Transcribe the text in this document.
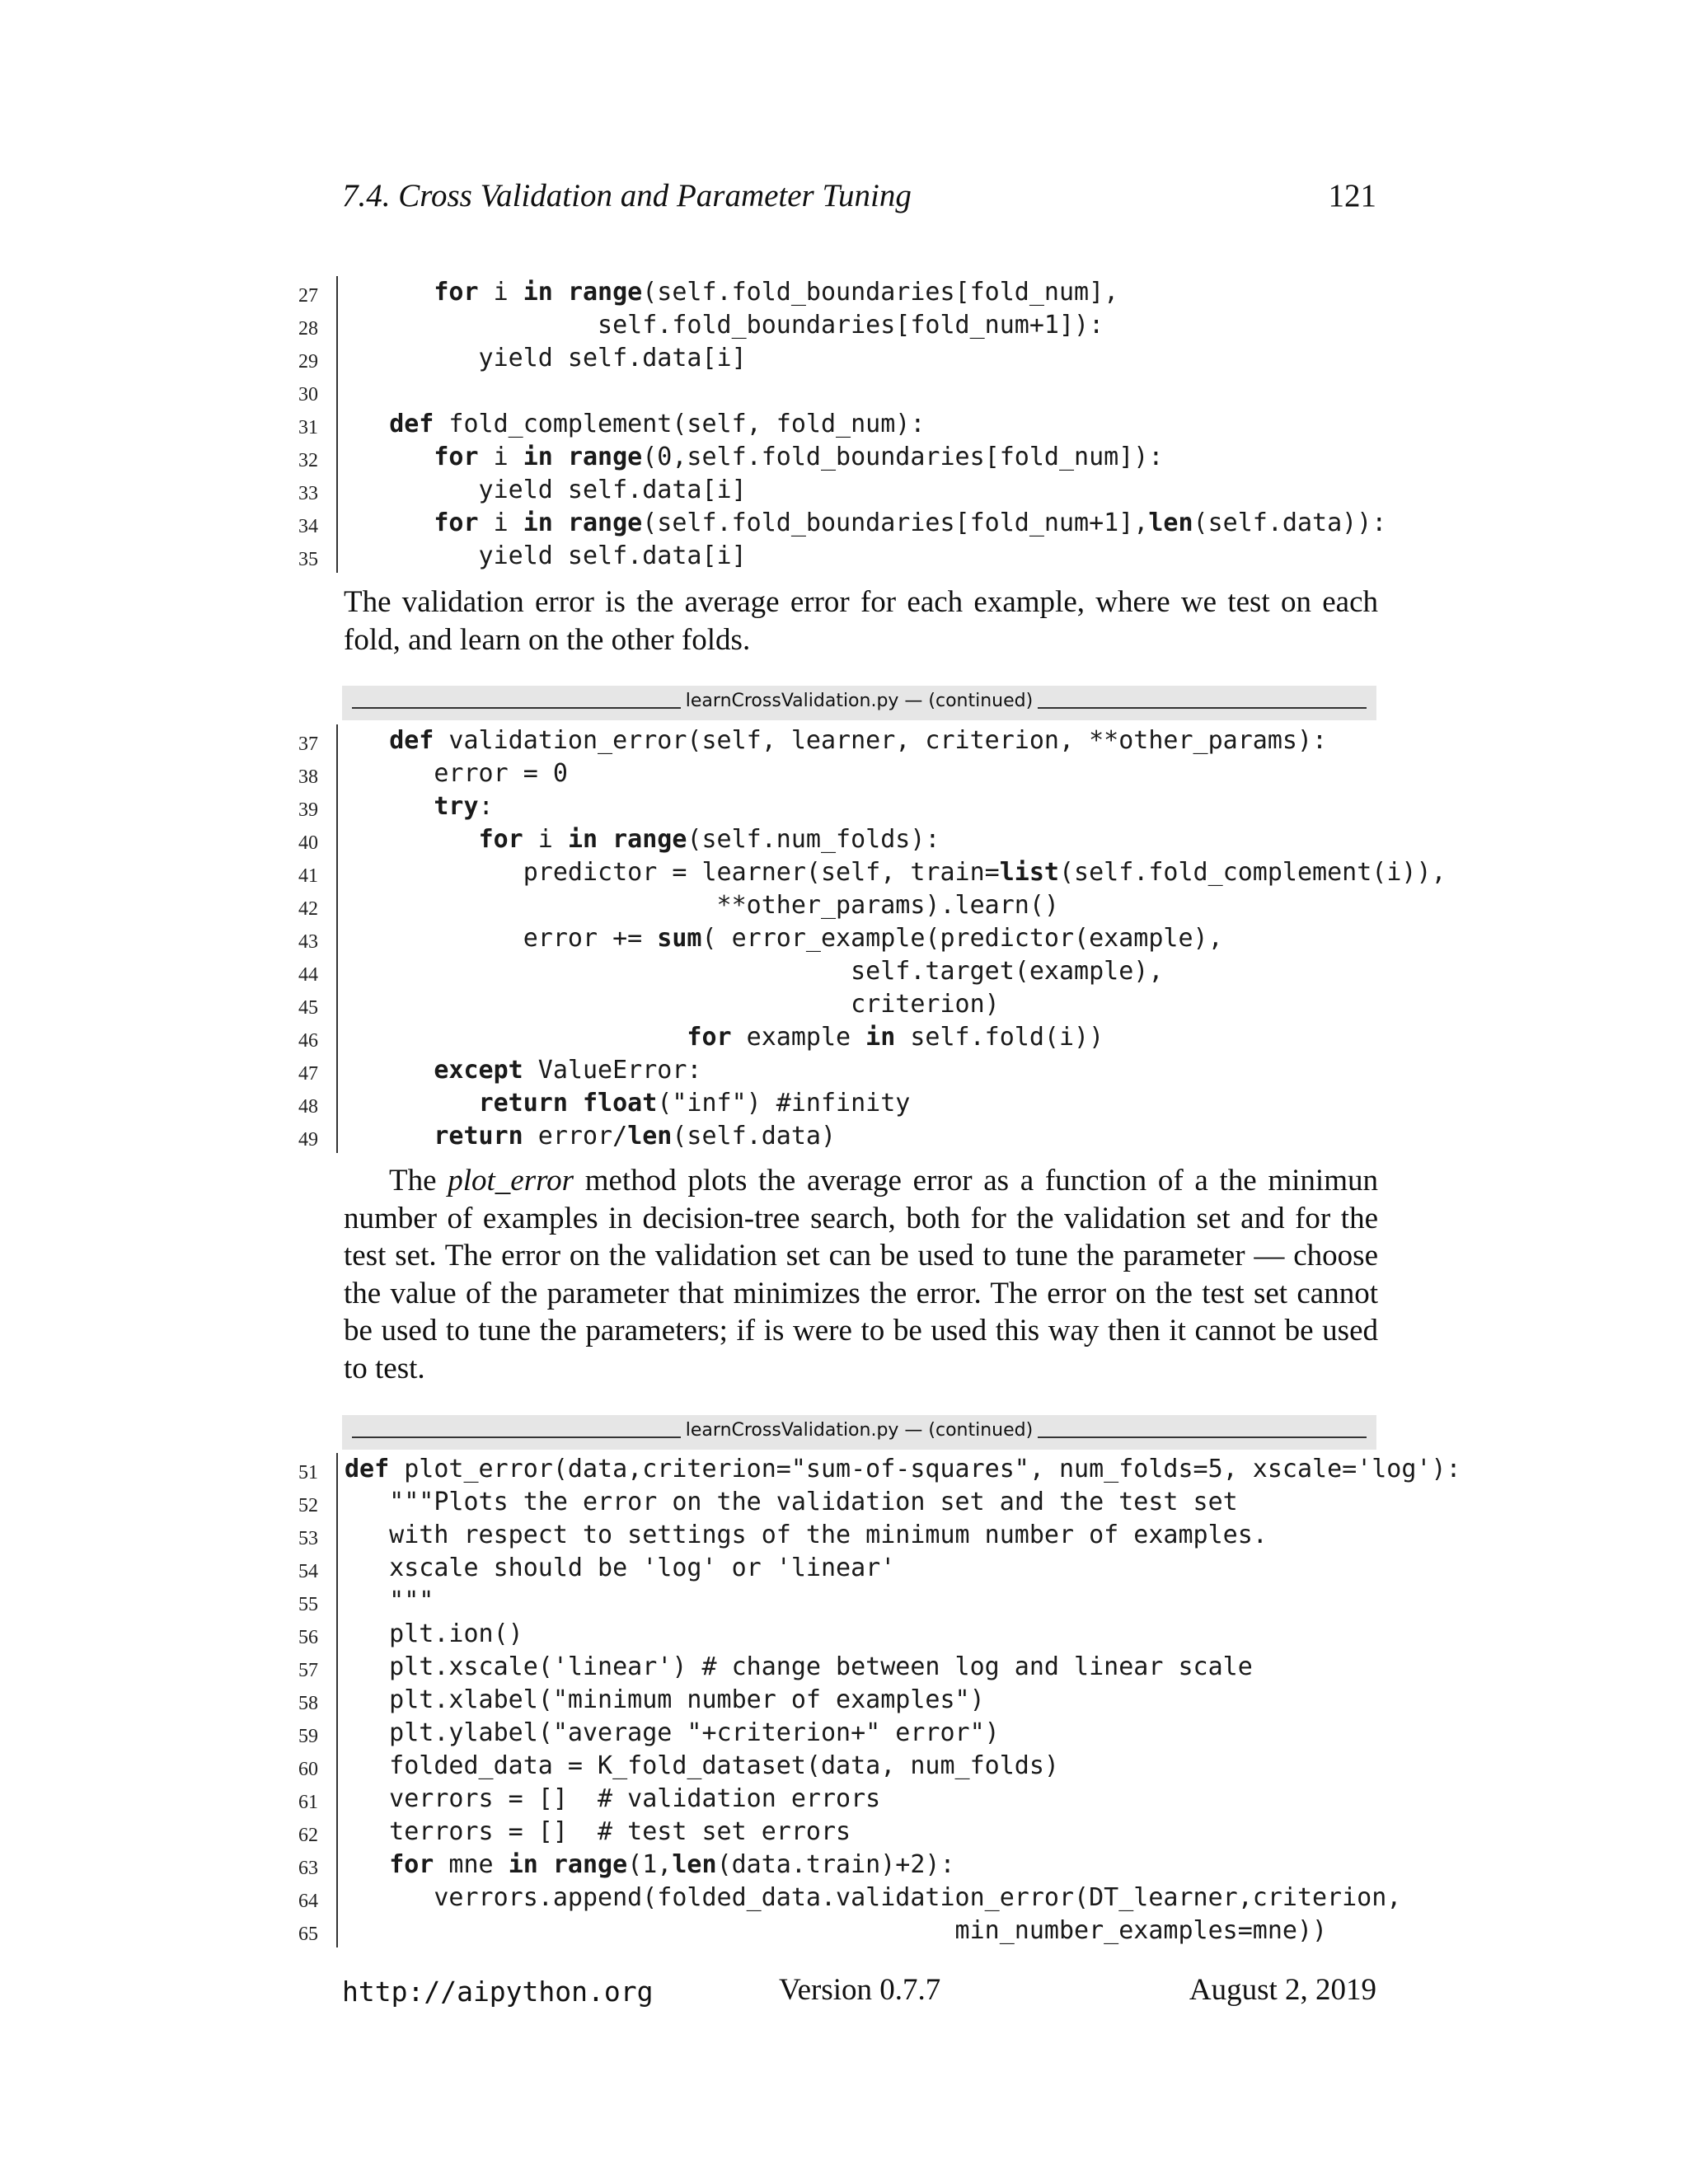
7.4. Cross Validation and Parameter Tuning	121
27	for i in range(self.fold_boundaries[fold_num],
28 self.fold_boundaries[fold_num+1]):
29 yield self.data[i]
30
31	def fold_complement(self, fold_num):
32	for i in range(0,self.fold_boundaries[fold_num]):
33 yield self.data[i]
34	for i in range(self.fold_boundaries[fold_num+1],len(self.data)):
35 yield self.data[i]
The validation error is the average error for each example, where we test on each fold, and learn on the other folds.
learnCrossValidation.py — (continued)
37	def validation_error(self, learner, criterion, **other_params):
38 error = 0
39	try:
40	for i in range(self.num_folds):
41 predictor = learner(self, train=list(self.fold_complement(i)),
42 **other_params).learn()
43 error += sum( error_example(predictor(example),
44 self.target(example),
45 criterion)
46	for example in self.fold(i))
47	except ValueError:
48	return float("inf") #infinity
49	return error/len(self.data)
The plot_error method plots the average error as a function of a the minimun number of examples in decision-tree search, both for the validation set and for the test set. The error on the validation set can be used to tune the parameter — choose the value of the parameter that minimizes the error. The error on the test set cannot be used to tune the parameters; if is were to be used this way then it cannot be used to test.
learnCrossValidation.py — (continued)
51 def plot_error(data,criterion="sum-of-squares", num_folds=5, xscale='log'):
52 """Plots the error on the validation set and the test set
53 with respect to settings of the minimum number of examples.
54 xscale should be 'log' or 'linear'
55 """
56 plt.ion()
57 plt.xscale('linear') # change between log and linear scale
58 plt.xlabel("minimum number of examples")
59 plt.ylabel("average "+criterion+" error")
60 folded_data = K_fold_dataset(data, num_folds)
61 verrors = []  # validation errors
62 terrors = []  # test set errors
63	for mne in range(1,len(data.train)+2):
64 verrors.append(folded_data.validation_error(DT_learner,criterion,
65 min_number_examples=mne))
http://aipython.org	Version 0.7.7	August 2, 2019
